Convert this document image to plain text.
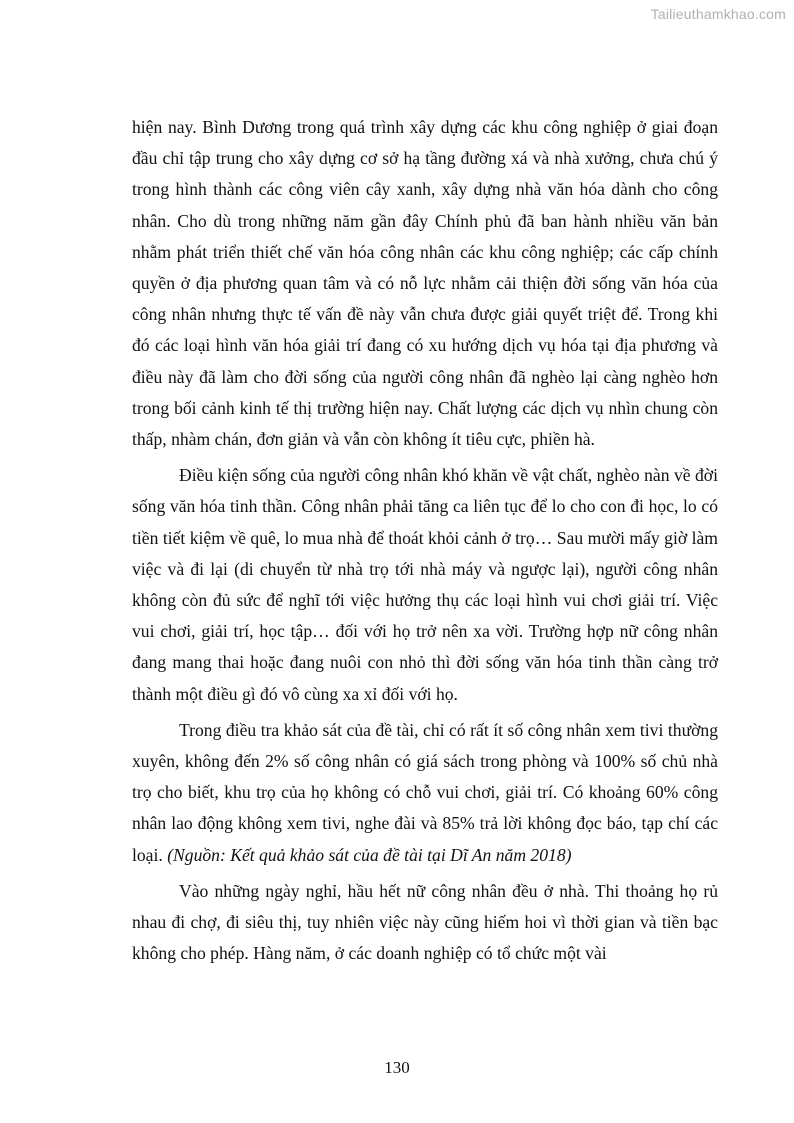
Tailieuthamkhao.com

hiện nay. Bình Dương trong quá trình xây dựng các khu công nghiệp ở giai đoạn đầu chỉ tập trung cho xây dựng cơ sở hạ tầng đường xá và nhà xưởng, chưa chú ý trong hình thành các công viên cây xanh, xây dựng nhà văn hóa dành cho công nhân. Cho dù trong những năm gần đây Chính phủ đã ban hành nhiều văn bản nhằm phát triển thiết chế văn hóa công nhân các khu công nghiệp; các cấp chính quyền ở địa phương quan tâm và có nỗ lực nhằm cải thiện đời sống văn hóa của công nhân nhưng thực tế vấn đề này vẫn chưa được giải quyết triệt để. Trong khi đó các loại hình văn hóa giải trí đang có xu hướng dịch vụ hóa tại địa phương và điều này đã làm cho đời sống của người công nhân đã nghèo lại càng nghèo hơn trong bối cảnh kinh tế thị trường hiện nay. Chất lượng các dịch vụ nhìn chung còn thấp, nhàm chán, đơn giản và vẫn còn không ít tiêu cực, phiền hà.

Điều kiện sống của người công nhân khó khăn về vật chất, nghèo nàn về đời sống văn hóa tinh thần. Công nhân phải tăng ca liên tục để lo cho con đi học, lo có tiền tiết kiệm về quê, lo mua nhà để thoát khỏi cảnh ở trọ… Sau mười mấy giờ làm việc và đi lại (di chuyển từ nhà trọ tới nhà máy và ngược lại), người công nhân không còn đủ sức để nghĩ tới việc hưởng thụ các loại hình vui chơi giải trí. Việc vui chơi, giải trí, học tập… đối với họ trở nên xa vời. Trường hợp nữ công nhân đang mang thai hoặc đang nuôi con nhỏ thì đời sống văn hóa tinh thần càng trở thành một điều gì đó vô cùng xa xỉ đối với họ.

Trong điều tra khảo sát của đề tài, chỉ có rất ít số công nhân xem tivi thường xuyên, không đến 2% số công nhân có giá sách trong phòng và 100% số chủ nhà trọ cho biết, khu trọ của họ không có chỗ vui chơi, giải trí. Có khoảng 60% công nhân lao động không xem tivi, nghe đài và 85% trả lời không đọc báo, tạp chí các loại. (Nguồn: Kết quả khảo sát của đề tài tại Dĩ An năm 2018)

Vào những ngày nghỉ, hầu hết nữ công nhân đều ở nhà. Thi thoảng họ rủ nhau đi chợ, đi siêu thị, tuy nhiên việc này cũng hiếm hoi vì thời gian và tiền bạc không cho phép. Hàng năm, ở các doanh nghiệp có tổ chức một vài

130
